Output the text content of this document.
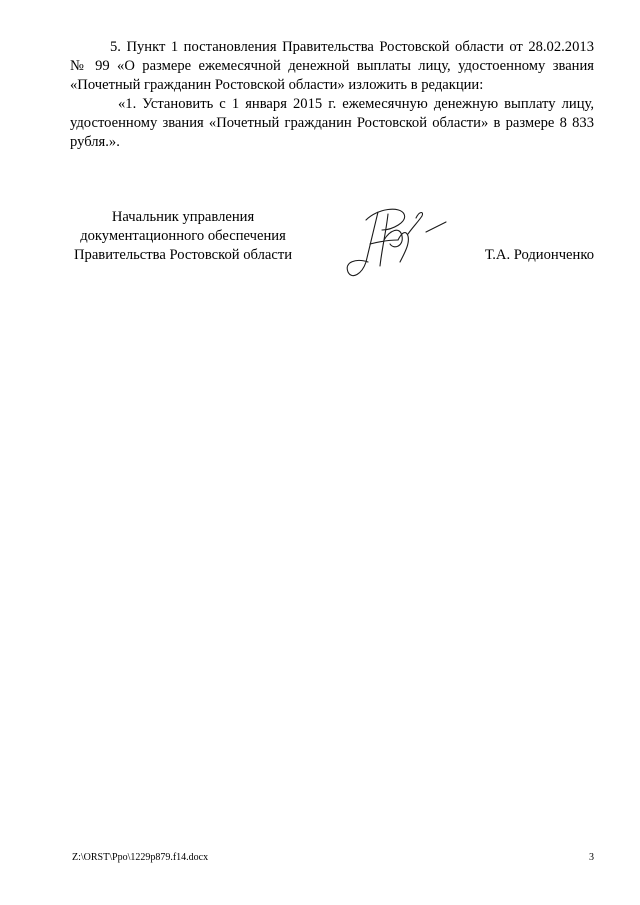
5. Пункт 1 постановления Правительства Ростовской области от 28.02.2013 № 99 «О размере ежемесячной денежной выплаты лицу, удостоенному звания «Почетный гражданин Ростовской области» изложить в редакции:

«1. Установить с 1 января 2015 г. ежемесячную денежную выплату лицу, удостоенному звания «Почетный гражданин Ростовской области» в размере 8 833 рубля.».

Начальник управления
документационного обеспечения
Правительства Ростовской области	Т.А. Родионченко
Z:\ORST\Ppo\1229p879.f14.docx	3
